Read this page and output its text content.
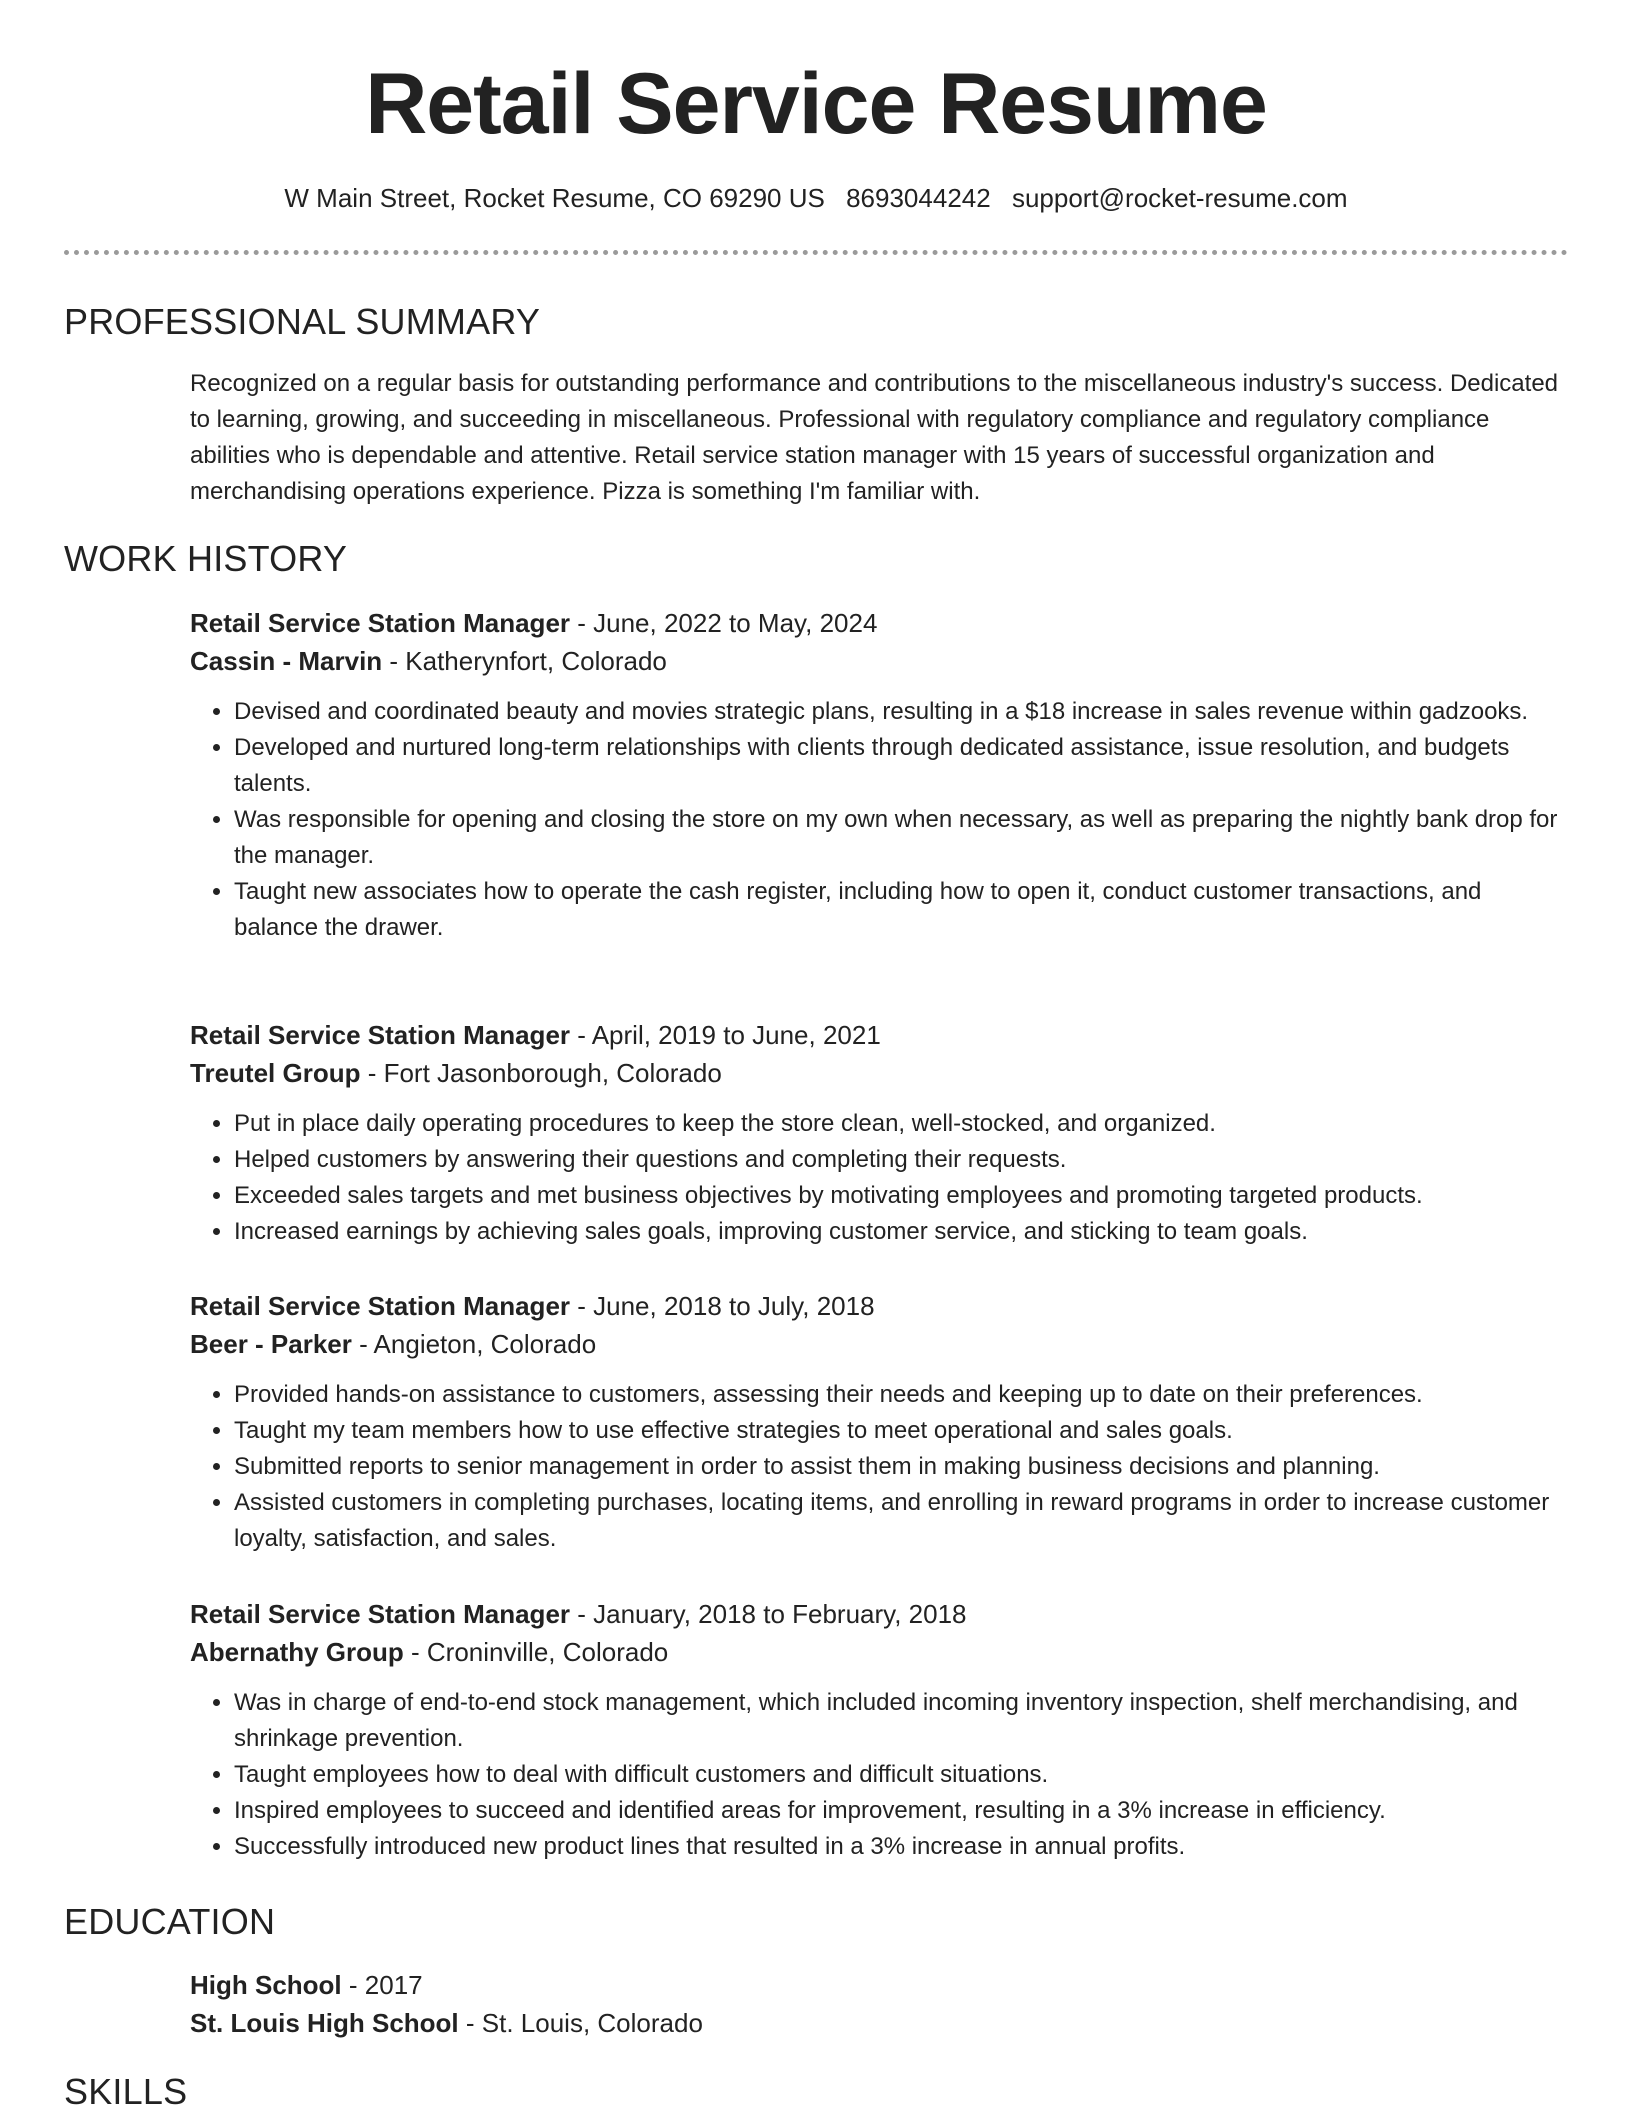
Retail Service Resume
W Main Street, Rocket Resume, CO 69290 US 8693044242 support@rocket-resume.com
PROFESSIONAL SUMMARY
Recognized on a regular basis for outstanding performance and contributions to the miscellaneous industry's success. Dedicated to learning, growing, and succeeding in miscellaneous. Professional with regulatory compliance and regulatory compliance abilities who is dependable and attentive. Retail service station manager with 15 years of successful organization and merchandising operations experience. Pizza is something I'm familiar with.
WORK HISTORY
Retail Service Station Manager - June, 2022 to May, 2024
Cassin - Marvin - Katherynfort, Colorado
• Devised and coordinated beauty and movies strategic plans, resulting in a $18 increase in sales revenue within gadzooks.
• Developed and nurtured long-term relationships with clients through dedicated assistance, issue resolution, and budgets talents.
• Was responsible for opening and closing the store on my own when necessary, as well as preparing the nightly bank drop for the manager.
• Taught new associates how to operate the cash register, including how to open it, conduct customer transactions, and balance the drawer.
Retail Service Station Manager - April, 2019 to June, 2021
Treutel Group - Fort Jasonborough, Colorado
• Put in place daily operating procedures to keep the store clean, well-stocked, and organized.
• Helped customers by answering their questions and completing their requests.
• Exceeded sales targets and met business objectives by motivating employees and promoting targeted products.
• Increased earnings by achieving sales goals, improving customer service, and sticking to team goals.
Retail Service Station Manager - June, 2018 to July, 2018
Beer - Parker - Angieton, Colorado
• Provided hands-on assistance to customers, assessing their needs and keeping up to date on their preferences.
• Taught my team members how to use effective strategies to meet operational and sales goals.
• Submitted reports to senior management in order to assist them in making business decisions and planning.
• Assisted customers in completing purchases, locating items, and enrolling in reward programs in order to increase customer loyalty, satisfaction, and sales.
Retail Service Station Manager - January, 2018 to February, 2018
Abernathy Group - Croninville, Colorado
• Was in charge of end-to-end stock management, which included incoming inventory inspection, shelf merchandising, and shrinkage prevention.
• Taught employees how to deal with difficult customers and difficult situations.
• Inspired employees to succeed and identified areas for improvement, resulting in a 3% increase in efficiency.
• Successfully introduced new product lines that resulted in a 3% increase in annual profits.
EDUCATION
High School - 2017
St. Louis High School - St. Louis, Colorado
SKILLS
